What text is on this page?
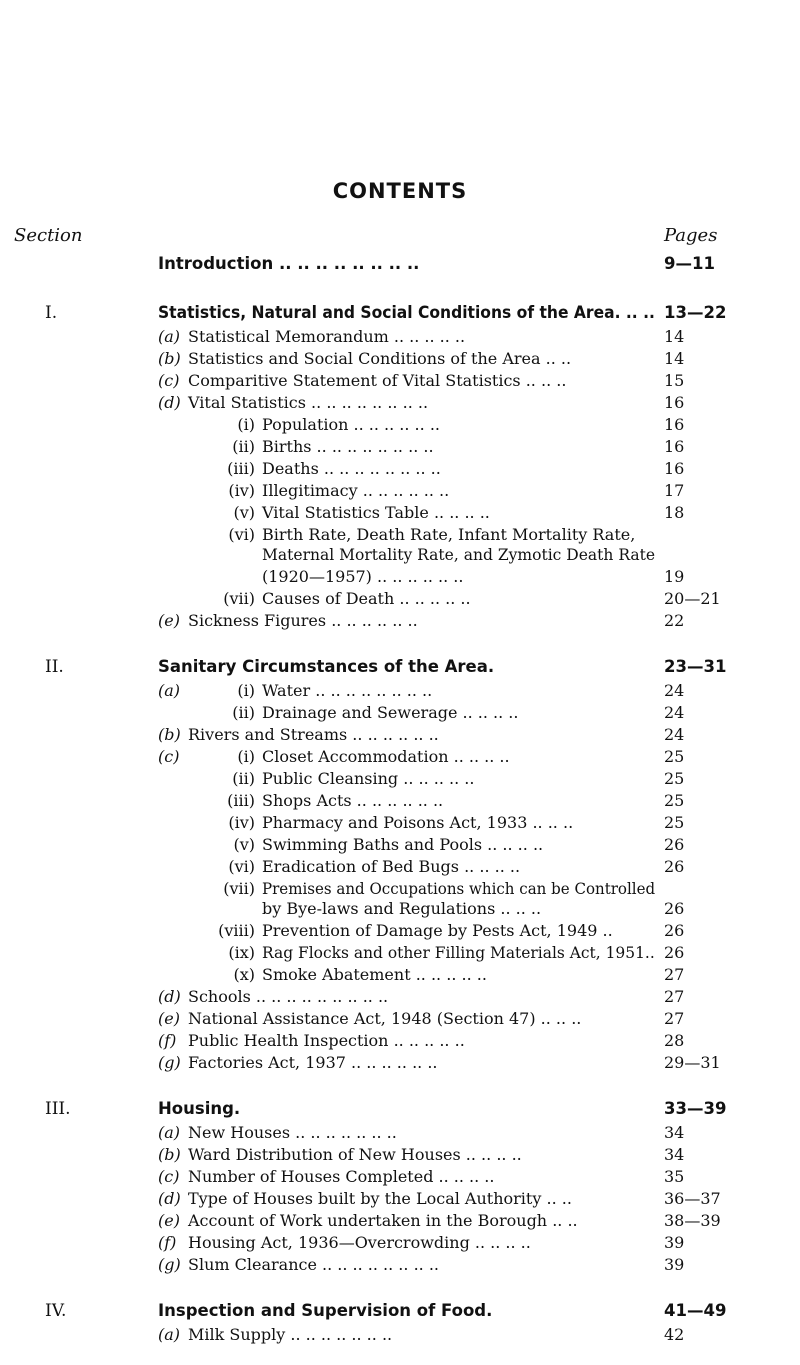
CONTENTS
Section	Pages
Introduction .. .. .. .. .. .. .. ..	9—11
I.	Statistics, Natural and Social Conditions of the Area. .. .. 13—22
(a) Statistical Memorandum .. .. .. .. ..	14
(b) Statistics and Social Conditions of the Area .. ..	14
(c) Comparitive Statement of Vital Statistics .. .. ..	15
(d) Vital Statistics .. .. .. .. .. .. .. ..	16
(i) Population .. .. .. .. .. ..	16
(ii) Births .. .. .. .. .. .. .. ..	16
(iii) Deaths .. .. .. .. .. .. .. ..	16
(iv) Illegitimacy .. .. .. .. .. ..	17
(v) Vital Statistics Table .. .. .. ..	18
(vi) Birth Rate, Death Rate, Infant Mortality Rate,
Maternal Mortality Rate, and Zymotic Death Rate
(1920—1957) .. .. .. .. .. ..	19
(vii) Causes of Death .. .. .. .. ..	20—21
(e) Sickness Figures .. .. .. .. .. ..	22
II.	Sanitary Circumstances of the Area.	23—31
(a)	(i) Water .. .. .. .. .. .. .. ..	24
(ii) Drainage and Sewerage .. .. .. ..	24
(b) Rivers and Streams .. .. .. .. .. ..	24
(c)	(i) Closet Accommodation .. .. .. ..	25
(ii) Public Cleansing .. .. .. .. ..	25
(iii) Shops Acts .. .. .. .. .. ..	25
(iv) Pharmacy and Poisons Act, 1933 .. .. ..	25
(v) Swimming Baths and Pools .. .. .. ..	26
(vi) Eradication of Bed Bugs .. .. .. ..	26
(vii) Premises and Occupations which can be Controlled
by Bye-laws and Regulations .. .. ..	26
(viii) Prevention of Damage by Pests Act, 1949 ..	26
(ix) Rag Flocks and other Filling Materials Act, 1951.. 26
(x) Smoke Abatement .. .. .. .. ..	27
(d) Schools .. .. .. .. .. .. .. .. ..	27
(e) National Assistance Act, 1948 (Section 47) .. .. ..	27
(f) Public Health Inspection .. .. .. .. ..	28
(g) Factories Act, 1937 .. .. .. .. .. ..	29—31
III.	Housing.	33—39
(a) New Houses .. .. .. .. .. .. ..	34
(b) Ward Distribution of New Houses .. .. .. ..	34
(c) Number of Houses Completed .. .. .. ..	35
(d) Type of Houses built by the Local Authority .. ..	36—37
(e) Account of Work undertaken in the Borough .. ..	38—39
(f) Housing Act, 1936—Overcrowding .. .. .. ..	39
(g) Slum Clearance .. .. .. .. .. .. .. ..	39
IV.	Inspection and Supervision of Food.	41—49
(a) Milk Supply .. .. .. .. .. .. ..	42
